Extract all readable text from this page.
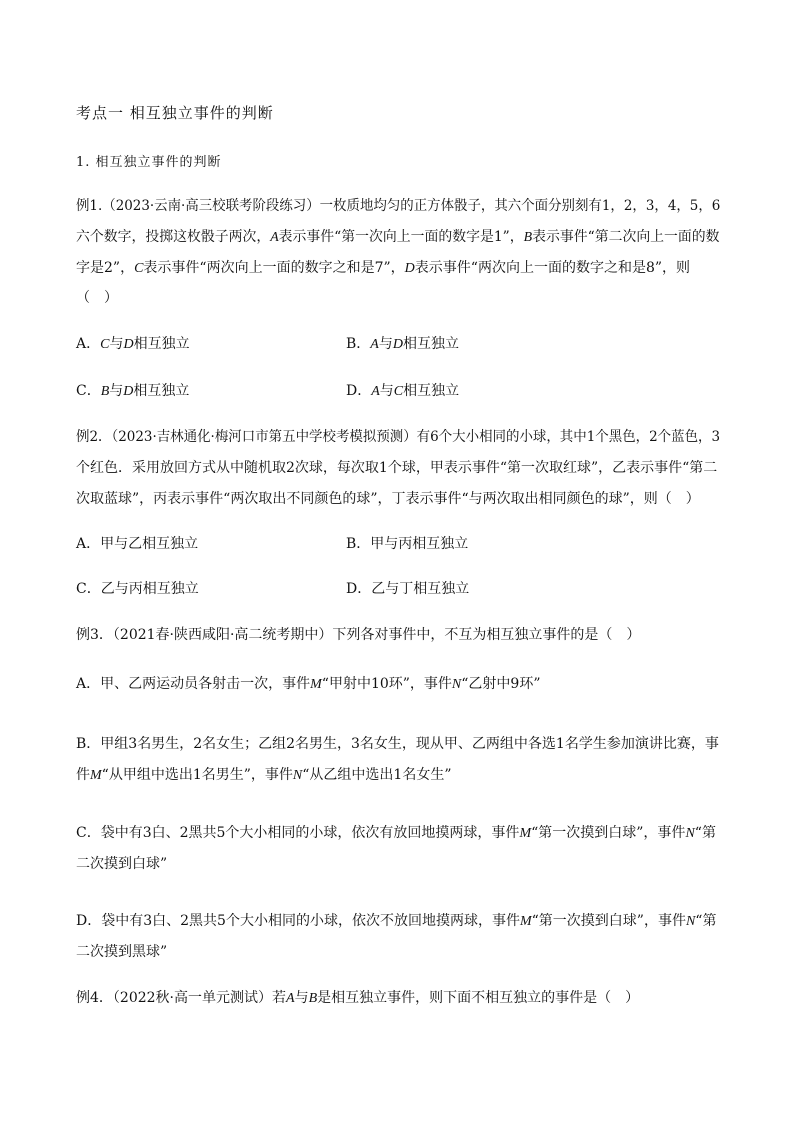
考点一 相互独立事件的判断
1. 相互独立事件的判断
例1.（2023·云南·高三校联考阶段练习）一枚质地均匀的正方体骰子，其六个面分别刻有1，2，3，4，5，6
六个数字，投掷这枚骰子两次，A表示事件“第一次向上一面的数字是1”，B表示事件“第二次向上一面的数
字是2”，C表示事件“两次向上一面的数字之和是7”，D表示事件“两次向上一面的数字之和是8”，则
（　）
A．C与D相互独立	B．A与D相互独立
C．B与D相互独立	D．A与C相互独立
例2．（2023·吉林通化·梅河口市第五中学校考模拟预测）有6个大小相同的小球，其中1个黑色，2个蓝色，3
个红色．采用放回方式从中随机取2次球，每次取1个球，甲表示事件“第一次取红球”，乙表示事件“第二
次取蓝球”，丙表示事件“两次取出不同颜色的球”，丁表示事件“与两次取出相同颜色的球”，则（　）
A．甲与乙相互独立	B．甲与丙相互独立
C．乙与丙相互独立	D．乙与丁相互独立
例3．（2021春·陕西咸阳·高二统考期中）下列各对事件中，不互为相互独立事件的是（　）
A．甲、乙两运动员各射击一次，事件M“甲射中10环”，事件N“乙射中9环”
B．甲组3名男生，2名女生；乙组2名男生，3名女生，现从甲、乙两组中各选1名学生参加演讲比赛，事
件M“从甲组中选出1名男生”，事件N“从乙组中选出1名女生”
C．袋中有3白、2黑共5个大小相同的小球，依次有放回地摸两球，事件M“第一次摸到白球”，事件N“第
二次摸到白球”
D．袋中有3白、2黑共5个大小相同的小球，依次不放回地摸两球，事件M“第一次摸到白球”，事件N“第
二次摸到黑球”
例4．（2022秋·高一单元测试）若A与B是相互独立事件，则下面不相互独立的事件是（　）
